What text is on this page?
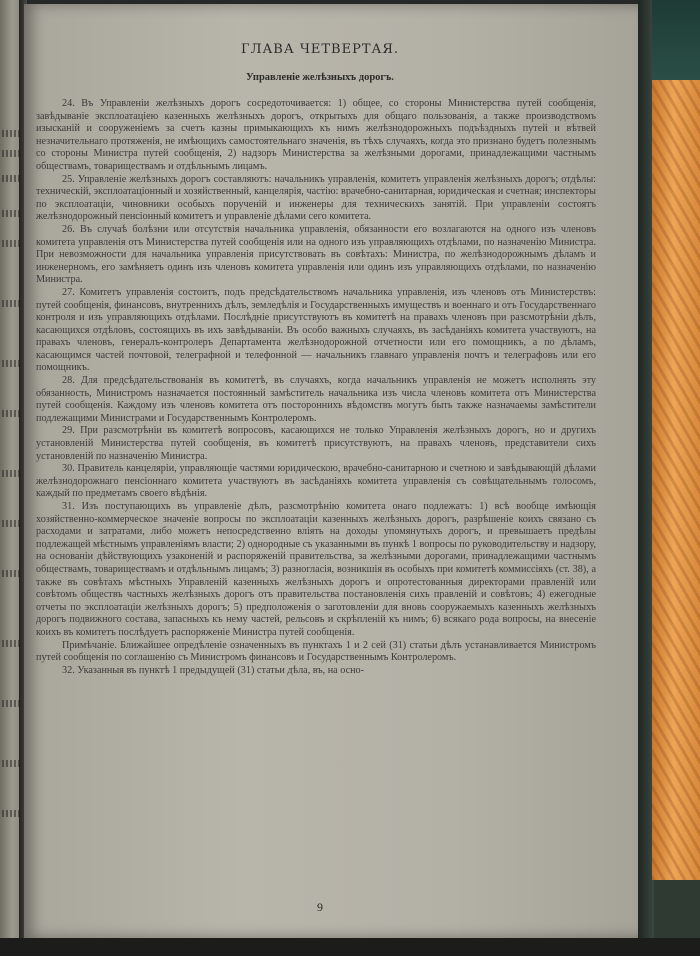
ГЛАВА ЧЕТВЕРТАЯ.
Управленіе желѣзныхъ дорогъ.

24. Въ Управленіи желѣзныхъ дорогъ сосредоточивается: 1) общее, со стороны Министерства путей сообщенія, завѣдываніе эксплоатаціею казенныхъ желѣзныхъ дорогъ, открытыхъ для общаго пользованія, а также производствомъ изысканій и сооруженіемъ за счетъ казны примыкающихъ къ нимъ желѣзнодорожныхъ подъѣздныхъ путей и вѣтвей незначительнаго протяженія, не имѣющихъ самостоятельнаго значенія, въ тѣхъ случаяхъ, когда это признано будетъ полезнымъ со стороны Министра путей сообщенія, 2) надзоръ Министерства за желѣзными дорогами, принадлежащими частнымъ обществамъ, товариществамъ и отдѣльнымъ лицамъ.

25. Управленіе желѣзныхъ дорогъ составляютъ: начальникъ управленія, комитетъ управленія желѣзныхъ дорогъ; отдѣлы: техническій, эксплоатаціонный и хозяйственный, канцелярія, частію: врачебно-санитарная, юридическая и счетная; инспекторы по эксплоатаціи, чиновники особыхъ порученій и инженеры для техническихъ занятій. При управленіи состоятъ желѣзнодорожный пенсіонный комитетъ и управленіе дѣлами сего комитета.

26. Въ случаѣ болѣзни или отсутствія начальника управленія, обязанности его возлагаются на одного изъ членовъ комитета управленія отъ Министерства путей сообщенія или на одного изъ управляющихъ отдѣлами, по назначенію Министра. При невозможности для начальника управленія присутствовать въ совѣтахъ: Министра, по желѣзнодорожнымъ дѣламъ и инженерномъ, его замѣняетъ одинъ изъ членовъ комитета управленія или одинъ изъ управляющихъ отдѣлами, по назначенію Министра.

27. Комитетъ управленія состоитъ, подъ предсѣдательствомъ начальника управленія, изъ членовъ отъ Министерствъ: путей сообщенія, финансовъ, внутреннихъ дѣлъ, земледѣлія и Государственныхъ имуществъ и военнаго и отъ Государственнаго контроля и изъ управляющихъ отдѣлами. Послѣдніе присутствуютъ въ комитетѣ на правахъ членовъ при разсмотрѣніи дѣлъ, касающихся отдѣловъ, состоящихъ въ ихъ завѣдываніи. Въ особо важныхъ случаяхъ, въ засѣданіяхъ комитета участвуютъ, на правахъ членовъ, генералъ-контролеръ Департамента желѣзнодорожной отчетности или его помощникъ, а по дѣламъ, касающимся частей почтовой, телеграфной и телефонной — начальникъ главнаго управленія почтъ и телеграфовъ или его помощникъ.

28. Для предсѣдательствованія въ комитетѣ, въ случаяхъ, когда начальникъ управленія не можетъ исполнять эту обязанность, Министромъ назначается постоянный замѣститель начальника изъ числа членовъ комитета отъ Министерства путей сообщенія. Каждому изъ членовъ комитета отъ постороннихъ вѣдомствъ могутъ быть также назначаемы замѣстители подлежащими Министрами и Государственнымъ Контролеромъ.

29. При разсмотрѣніи въ комитетѣ вопросовъ, касающихся не только Управленія желѣзныхъ дорогъ, но и другихъ установленій Министерства путей сообщенія, въ комитетѣ присутствуютъ, на правахъ членовъ, представители сихъ установленій по назначенію Министра.

30. Правитель канцеляріи, управляющіе частями юридическою, врачебно-санитарною и счетною и завѣдывающій дѣлами желѣзнодорожнаго пенсіоннаго комитета участвуютъ въ засѣданіяхъ комитета управленія съ совѣщательнымъ голосомъ, каждый по предметамъ своего вѣдѣнія.

31. Изъ поступающихъ въ управленіе дѣлъ, разсмотрѣнію комитета онаго подлежатъ: 1) всѣ вообще имѣющія хозяйственно-коммерческое значеніе вопросы по эксплоатаціи казенныхъ желѣзныхъ дорогъ, разрѣшеніе коихъ связано съ расходами и затратами, либо можетъ непосредственно вліять на доходы упомянутыхъ дорогъ, и превышаетъ предѣлы подлежащей мѣстнымъ управленіямъ власти; 2) однородные съ указанными въ пункѣ 1 вопросы по руководительству и надзору, на основаніи дѣйствующихъ узаконеній и распоряженій правительства, за желѣзными дорогами, принадлежащими частнымъ обществамъ, товариществамъ и отдѣльнымъ лицамъ; 3) разногласія, возникшія въ особыхъ при комитетѣ коммиссіяхъ (ст. 38), а также въ совѣтахъ мѣстныхъ Управленій казенныхъ желѣзныхъ дорогъ и опротестованныя директорами правленій или совѣтомъ обществъ частныхъ желѣзныхъ дорогъ отъ правительства постановленія сихъ правленій и совѣтовъ; 4) ежегодные отчеты по эксплоатаціи желѣзныхъ дорогъ; 5) предположенія о заготовленіи для вновь сооружаемыхъ казенныхъ желѣзныхъ дорогъ подвижного состава, запасныхъ къ нему частей, рельсовъ и скрѣпленій къ нимъ; 6) всякаго рода вопросы, на внесеніе коихъ въ комитетъ послѣдуетъ распоряженіе Министра путей сообщенія.

Примѣчаніе. Ближайшее опредѣленіе означенныхъ въ пунктахъ 1 и 2 сей (31) статьи дѣлъ устанавливается Министромъ путей сообщенія по соглашенію съ Министромъ финансовъ и Государственнымъ Контролеромъ.

32. Указанныя въ пунктѣ 1 предыдущей (31) статьи дѣла, въ, на осно-

9
